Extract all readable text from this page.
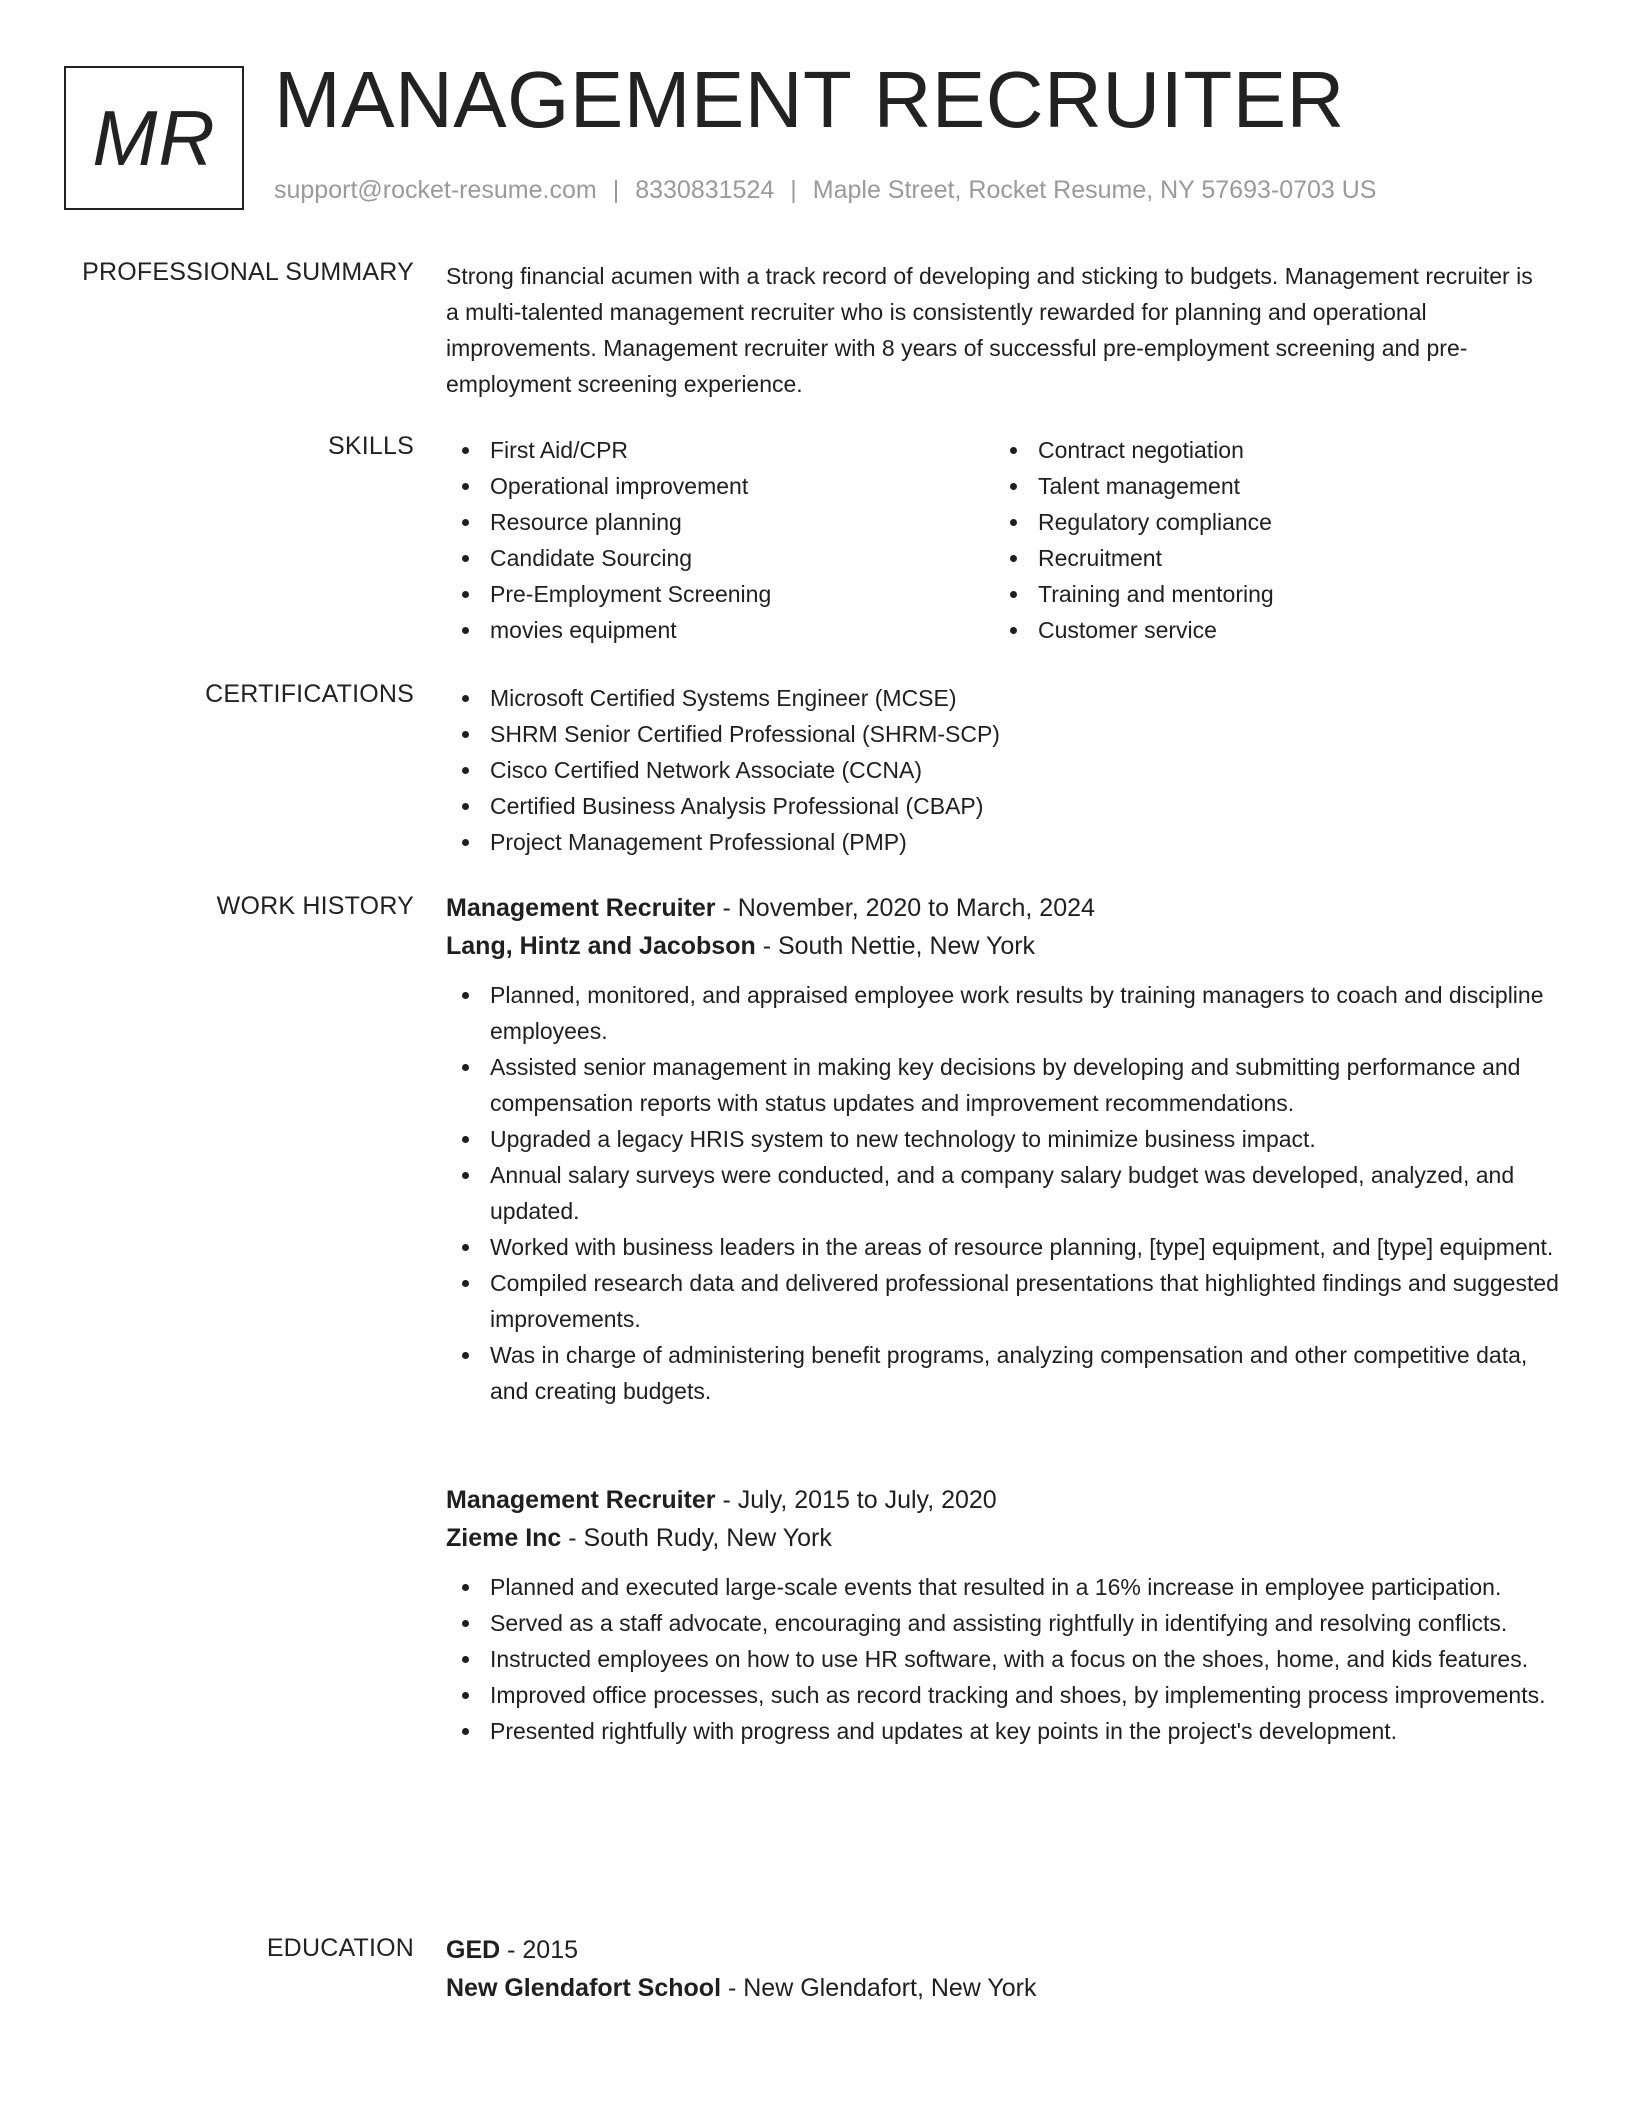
MR MANAGEMENT RECRUITER
support@rocket-resume.com | 8330831524 | Maple Street, Rocket Resume, NY 57693-0703 US
PROFESSIONAL SUMMARY Strong financial acumen with a track record of developing and sticking to budgets. Management recruiter is a multi-talented management recruiter who is consistently rewarded for planning and operational improvements. Management recruiter with 8 years of successful pre-employment screening and pre-employment screening experience.
SKILLS	First Aid/CPR
Operational improvement
Resource planning
Candidate Sourcing
Pre-Employment Screening
movies equipment
Contract negotiation
Talent management
Regulatory compliance
Recruitment
Training and mentoring
Customer service
CERTIFICATIONS	Microsoft Certified Systems Engineer (MCSE)
SHRM Senior Certified Professional (SHRM-SCP)
Cisco Certified Network Associate (CCNA)
Certified Business Analysis Professional (CBAP)
Project Management Professional (PMP)
WORK HISTORY Management Recruiter - November, 2020 to March, 2024
Lang, Hintz and Jacobson - South Nettie, New York
Planned, monitored, and appraised employee work results by training managers to coach and discipline employees.
Assisted senior management in making key decisions by developing and submitting performance and compensation reports with status updates and improvement recommendations.
Upgraded a legacy HRIS system to new technology to minimize business impact.
Annual salary surveys were conducted, and a company salary budget was developed, analyzed, and updated.
Worked with business leaders in the areas of resource planning, [type] equipment, and [type] equipment.
Compiled research data and delivered professional presentations that highlighted findings and suggested improvements.
Was in charge of administering benefit programs, analyzing compensation and other competitive data, and creating budgets.
Management Recruiter - July, 2015 to July, 2020
Zieme Inc - South Rudy, New York
Planned and executed large-scale events that resulted in a 16% increase in employee participation.
Served as a staff advocate, encouraging and assisting rightfully in identifying and resolving conflicts.
Instructed employees on how to use HR software, with a focus on the shoes, home, and kids features.
Improved office processes, such as record tracking and shoes, by implementing process improvements.
Presented rightfully with progress and updates at key points in the project's development.
EDUCATION GED - 2015
New Glendafort School - New Glendafort, New York
